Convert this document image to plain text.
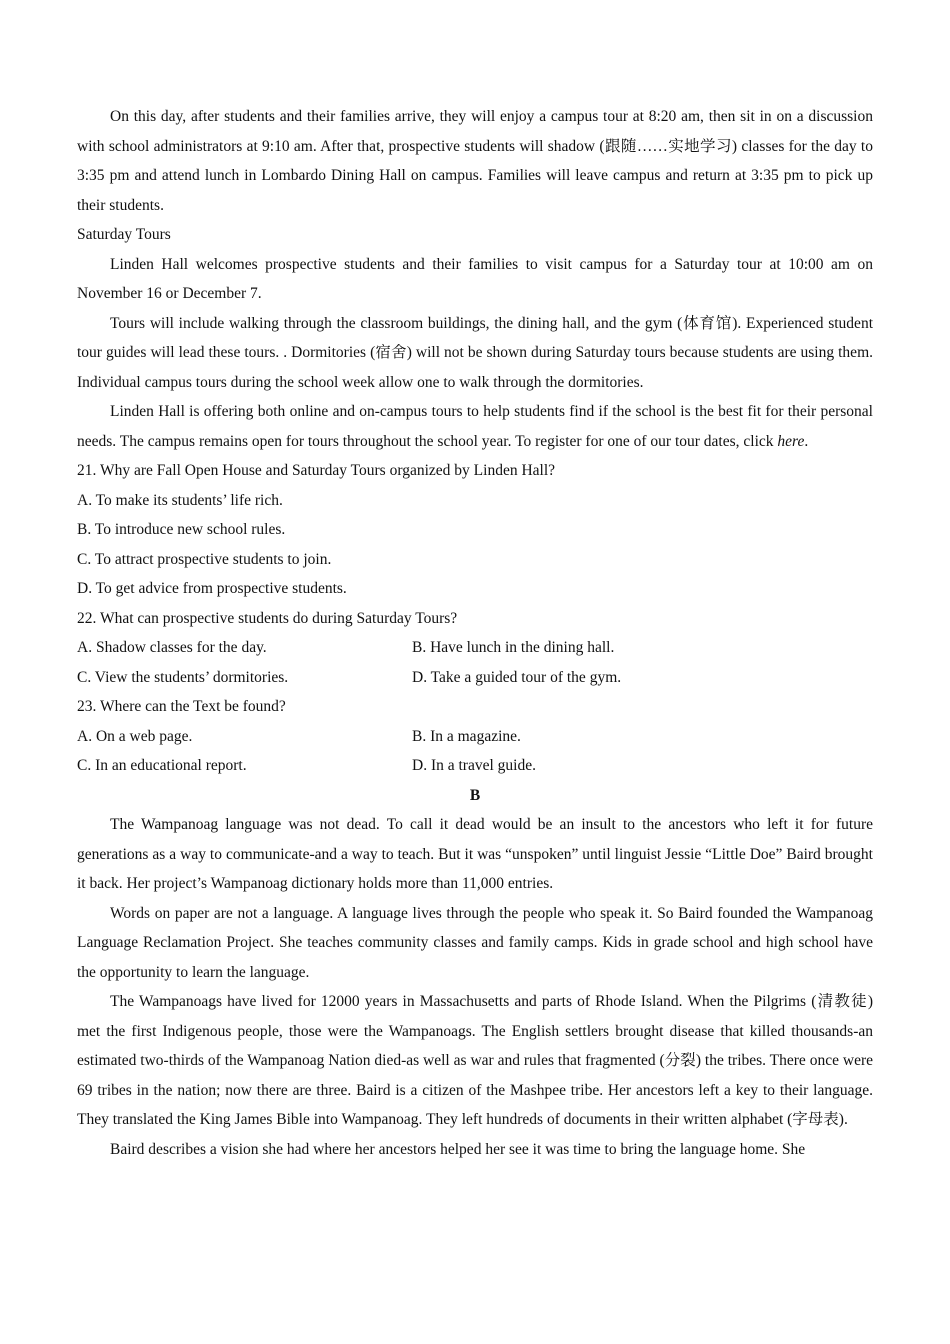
On this day, after students and their families arrive, they will enjoy a campus tour at 8:20 am, then sit in on a discussion with school administrators at 9:10 am. After that, prospective students will shadow (跟随……实地学习) classes for the day to 3:35 pm and attend lunch in Lombardo Dining Hall on campus. Families will leave campus and return at 3:35 pm to pick up their students.

Saturday Tours

Linden Hall welcomes prospective students and their families to visit campus for a Saturday tour at 10:00 am on November 16 or December 7.

Tours will include walking through the classroom buildings, the dining hall, and the gym (体育馆). Experienced student tour guides will lead these tours. . Dormitories (宿舍) will not be shown during Saturday tours because students are using them. Individual campus tours during the school week allow one to walk through the dormitories.

Linden Hall is offering both online and on-campus tours to help students find if the school is the best fit for their personal needs. The campus remains open for tours throughout the school year. To register for one of our tour dates, click here.

21. Why are Fall Open House and Saturday Tours organized by Linden Hall?

A. To make its students’ life rich.

B. To introduce new school rules.

C. To attract prospective students to join.

D. To get advice from prospective students.

22. What can prospective students do during Saturday Tours?

A. Shadow classes for the day.	B. Have lunch in the dining hall.
C. View the students’ dormitories.	D. Take a guided tour of the gym.

23. Where can the Text be found?

A. On a web page.	B. In a magazine.
C. In an educational report.	D. In a travel guide.

B

The Wampanoag language was not dead. To call it dead would be an insult to the ancestors who left it for future generations as a way to communicate-and a way to teach. But it was “unspoken” until linguist Jessie “Little Doe” Baird brought it back. Her project’s Wampanoag dictionary holds more than 11,000 entries.

Words on paper are not a language. A language lives through the people who speak it. So Baird founded the Wampanoag Language Reclamation Project. She teaches community classes and family camps. Kids in grade school and high school have the opportunity to learn the language.

The Wampanoags have lived for 12000 years in Massachusetts and parts of Rhode Island. When the Pilgrims (清教徒) met the first Indigenous people, those were the Wampanoags. The English settlers brought disease that killed thousands-an estimated two-thirds of the Wampanoag Nation died-as well as war and rules that fragmented (分裂) the tribes. There once were 69 tribes in the nation; now there are three. Baird is a citizen of the Mashpee tribe. Her ancestors left a key to their language. They translated the King James Bible into Wampanoag. They left hundreds of documents in their written alphabet (字母表).

Baird describes a vision she had where her ancestors helped her see it was time to bring the language home. She
